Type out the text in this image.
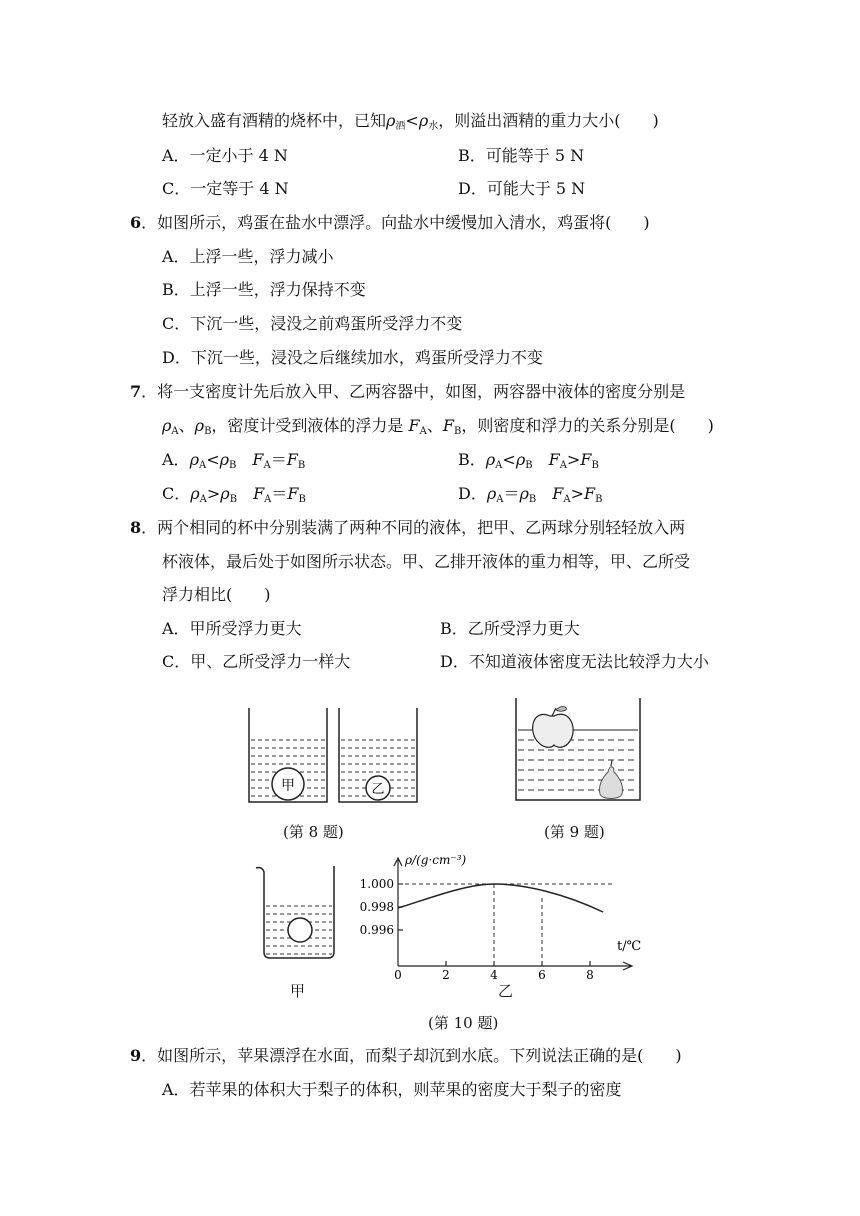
轻放入盛有酒精的烧杯中，已知$\rho_酒<\rho_水$，则溢出酒精的重力大小(　　)
A．一定小于 4 N	B．可能等于 5 N
C．一定等于 4 N	D．可能大于 5 N
6．如图所示，鸡蛋在盐水中漂浮。向盐水中缓慢加入清水，鸡蛋将(　　)
A．上浮一些，浮力减小
B．上浮一些，浮力保持不变
C．下沉一些，浸没之前鸡蛋所受浮力不变
D．下沉一些，浸没之后继续加水，鸡蛋所受浮力不变
7．将一支密度计先后放入甲、乙两容器中，如图，两容器中液体的密度分别是
$\rho_A$、$\rho_B$，密度计受到液体的浮力是 $F_A$、$F_B$，则密度和浮力的关系分别是(　　)
A．$\rho_A<\rho_B$  $F_A=F_B$	B．$\rho_A<\rho_B$  $F_A>F_B$
C．$\rho_A>\rho_B$  $F_A=F_B$	D．$\rho_A=\rho_B$  $F_A>F_B$
8．两个相同的杯中分别装满了两种不同的液体，把甲、乙两球分别轻轻放入两
杯液体，最后处于如图所示状态。甲、乙排开液体的重力相等，甲、乙所受
浮力相比(　　)
A．甲所受浮力更大	B．乙所受浮力更大
C．甲、乙所受浮力一样大	D．不知道液体密度无法比较浮力大小
甲	乙
(第 8 题)	(第 9 题)
甲
ρ/(g·cm⁻³)
t/℃
1.000
0.998
0.996
0	2	4	6	8
乙
(第 10 题)
9．如图所示，苹果漂浮在水面，而梨子却沉到水底。下列说法正确的是(　　)
A．若苹果的体积大于梨子的体积，则苹果的密度大于梨子的密度
